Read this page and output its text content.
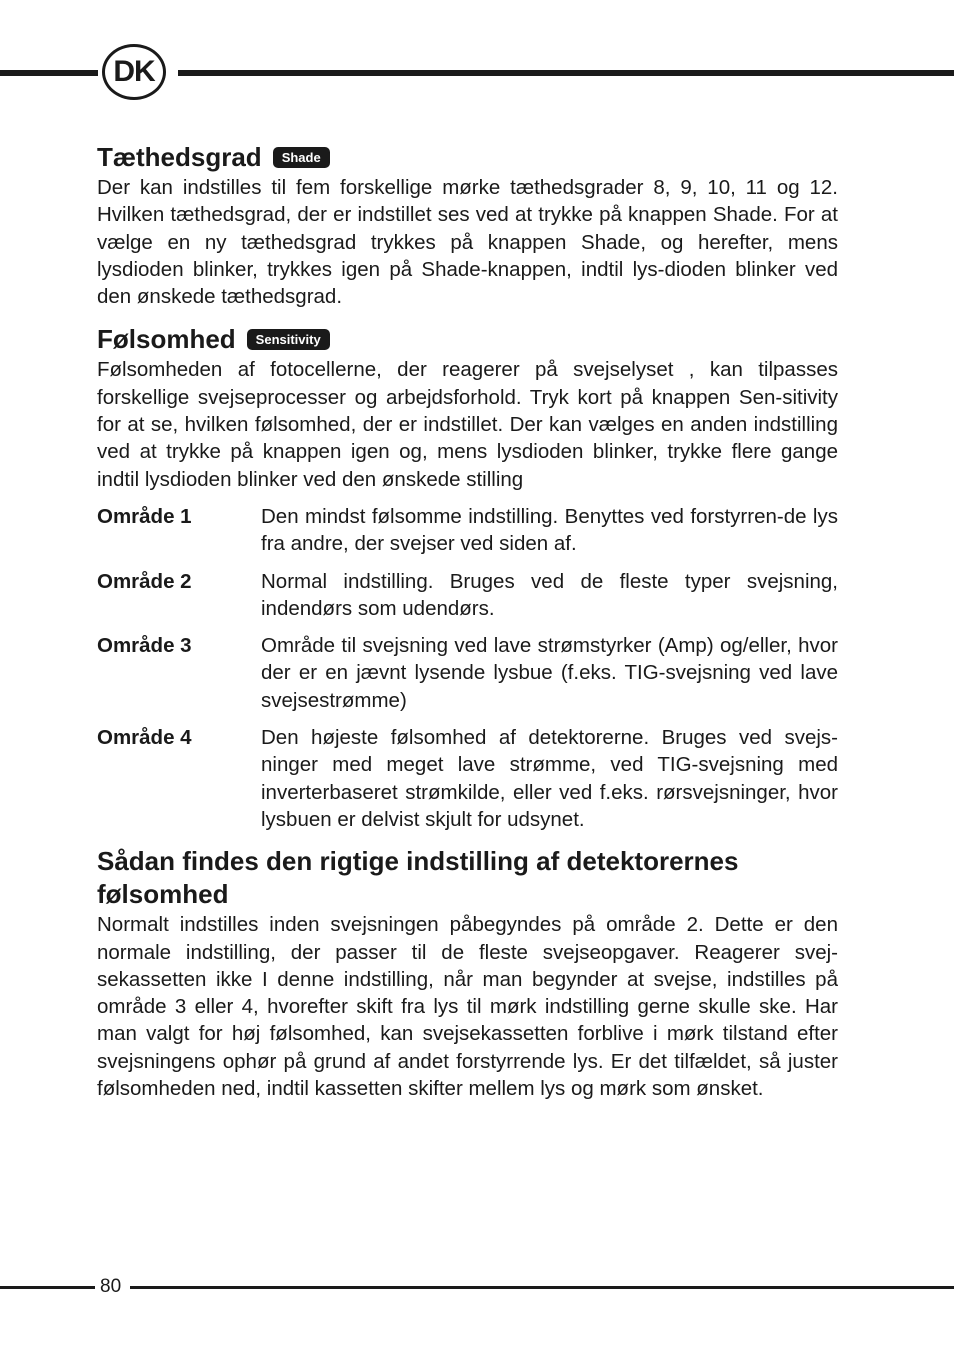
DK
Tæthedsgrad	Shade

Der kan indstilles til fem forskellige mørke tæthedsgrader 8, 9, 10, 11 og 12. Hvilken tæthedsgrad, der er indstillet ses ved at trykke på knappen Shade. For at vælge en ny tæthedsgrad trykkes på knappen Shade, og herefter, mens lysdioden blinker, trykkes igen på Shade-knappen, indtil lys-dioden blinker ved den ønskede tæthedsgrad.

Følsomhed	Sensitivity

Følsomheden af fotocellerne, der reagerer på svejselyset , kan tilpasses forskellige svejseprocesser og arbejdsforhold. Tryk kort på knappen Sen-sitivity for at se, hvilken følsomhed, der er indstillet. Der kan vælges en anden indstilling ved at trykke på knappen igen og, mens lysdioden blinker, trykke flere gange indtil lysdioden blinker ved den ønskede stilling

Område 1	Den mindst følsomme indstilling. Benyttes ved forstyrren-de lys fra andre, der svejser ved siden af.
Område 2	Normal indstilling. Bruges ved de fleste typer svejsning, indendørs som udendørs.
Område 3	Område til svejsning ved lave strømstyrker (Amp) og/eller, hvor der er en jævnt lysende lysbue (f.eks. TIG-svejsning ved lave svejsestrømme)
Område 4	Den højeste følsomhed af detektorerne. Bruges ved svejs-ninger med meget lave strømme, ved TIG-svejsning med inverterbaseret strømkilde, eller ved f.eks. rørsvejsninger, hvor lysbuen er delvist skjult for udsynet.
Sådan findes den rigtige indstilling af detektorernes følsomhed

Normalt indstilles inden svejsningen påbegyndes på område 2. Dette er den normale indstilling, der passer til de fleste svejseopgaver. Reagerer svej-sekassetten ikke I denne indstilling, når man begynder at svejse, indstilles på område 3 eller 4, hvorefter skift fra lys til mørk indstilling gerne skulle ske. Har man valgt for høj følsomhed, kan svejsekassetten forblive i mørk tilstand efter svejsningens ophør på grund af andet forstyrrende lys. Er det tilfældet, så juster følsomheden ned, indtil kassetten skifter mellem lys og mørk som ønsket.

80
